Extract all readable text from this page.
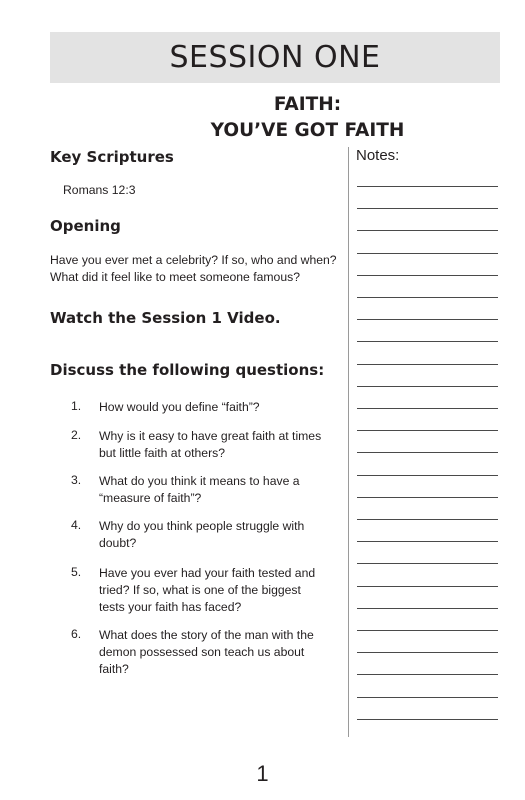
SESSION ONE
FAITH:
YOU’VE GOT FAITH
Key Scriptures
Romans 12:3
Opening
Have you ever met a celebrity? If so, who and when?
What did it feel like to meet someone famous?
Watch the Session 1 Video.
Discuss the following questions:
1. How would you define “faith”?
2. Why is it easy to have great faith at times
but little faith at others?
3. What do you think it means to have a
“measure of faith”?
4. Why do you think people struggle with
doubt?
5. Have you ever had your faith tested and
tried? If so, what is one of the biggest
tests your faith has faced?
6. What does the story of the man with the
demon possessed son teach us about
faith?
Notes:
1
